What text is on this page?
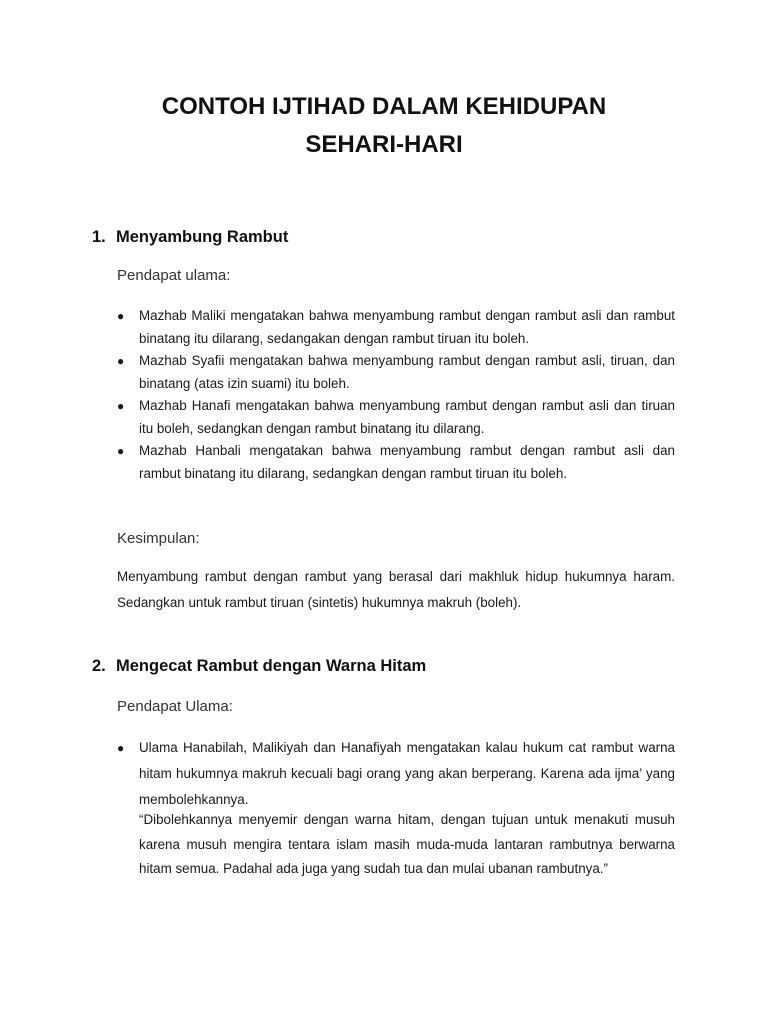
CONTOH IJTIHAD DALAM KEHIDUPAN
SEHARI-HARI
1. Menyambung Rambut

Pendapat ulama:

●	Mazhab Maliki mengatakan bahwa menyambung rambut dengan rambut asli dan rambut binatang itu dilarang, sedangakan dengan rambut tiruan itu boleh.
●	Mazhab Syafii mengatakan bahwa menyambung rambut dengan rambut asli, tiruan, dan binatang (atas izin suami) itu boleh.
●	Mazhab Hanafi mengatakan bahwa menyambung rambut dengan rambut asli dan tiruan itu boleh, sedangkan dengan rambut binatang itu dilarang.
●	Mazhab Hanbali mengatakan bahwa menyambung rambut dengan rambut asli dan rambut binatang itu dilarang, sedangkan dengan rambut tiruan itu boleh.

Kesimpulan:

Menyambung rambut dengan rambut yang berasal dari makhluk hidup hukumnya haram. Sedangkan untuk rambut tiruan (sintetis) hukumnya makruh (boleh).

2. Mengecat Rambut dengan Warna Hitam

Pendapat Ulama:

●	Ulama Hanabilah, Malikiyah dan Hanafiyah mengatakan kalau hukum cat rambut warna hitam hukumnya makruh kecuali bagi orang yang akan berperang. Karena ada ijma’ yang membolehkannya.

“Dibolehkannya menyemir dengan warna hitam, dengan tujuan untuk menakuti musuh karena musuh mengira tentara islam masih muda-muda lantaran rambutnya berwarna hitam semua. Padahal ada juga yang sudah tua dan mulai ubanan rambutnya.”
